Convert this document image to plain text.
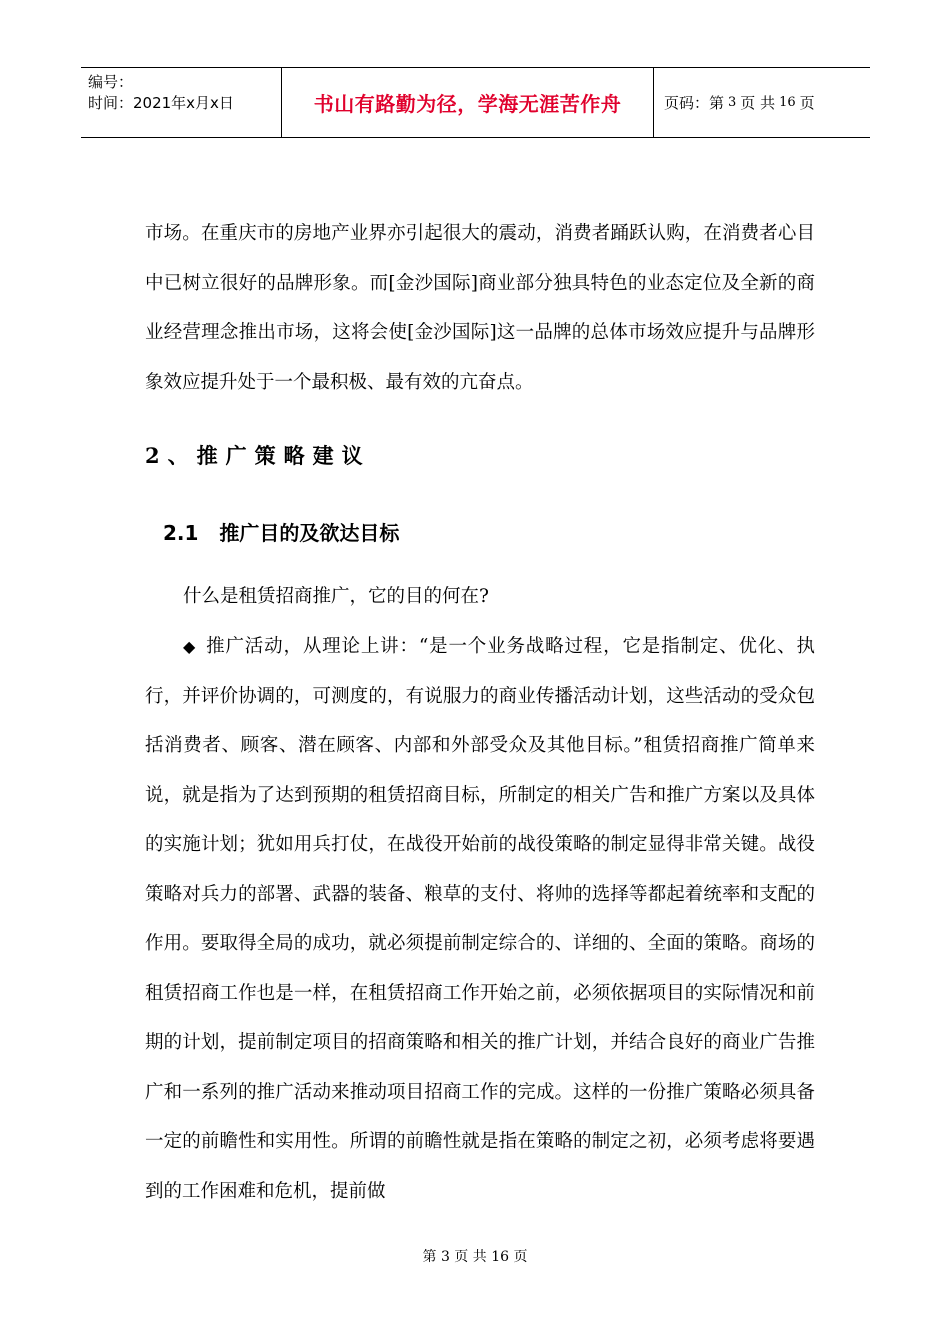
编号：
时间：2021年x月x日	书山有路勤为径，学海无涯苦作舟	页码：第 3 页 共 16 页

市场。在重庆市的房地产业界亦引起很大的震动，消费者踊跃认购，在消费者心目中已树立很好的品牌形象。而[金沙国际]商业部分独具特色的业态定位及全新的商业经营理念推出市场，这将会使[金沙国际]这一品牌的总体市场效应提升与品牌形象效应提升处于一个最积极、最有效的亢奋点。

2、推广策略建议
2.1 推广目的及欲达目标
什么是租赁招商推广，它的目的何在?

◆ 推广活动，从理论上讲：“是一个业务战略过程，它是指制定、优化、执行，并评价协调的，可测度的，有说服力的商业传播活动计划，这些活动的受众包括消费者、顾客、潜在顾客、内部和外部受众及其他目标。”租赁招商推广简单来说，就是指为了达到预期的租赁招商目标，所制定的相关广告和推广方案以及具体的实施计划；犹如用兵打仗，在战役开始前的战役策略的制定显得非常关键。战役策略对兵力的部署、武器的装备、粮草的支付、将帅的选择等都起着统率和支配的作用。要取得全局的成功，就必须提前制定综合的、详细的、全面的策略。商场的租赁招商工作也是一样，在租赁招商工作开始之前，必须依据项目的实际情况和前期的计划，提前制定项目的招商策略和相关的推广计划，并结合良好的商业广告推广和一系列的推广活动来推动项目招商工作的完成。这样的一份推广策略必须具备一定的前瞻性和实用性。所谓的前瞻性就是指在策略的制定之初，必须考虑将要遇到的工作困难和危机，提前做

第 3 页 共 16 页
